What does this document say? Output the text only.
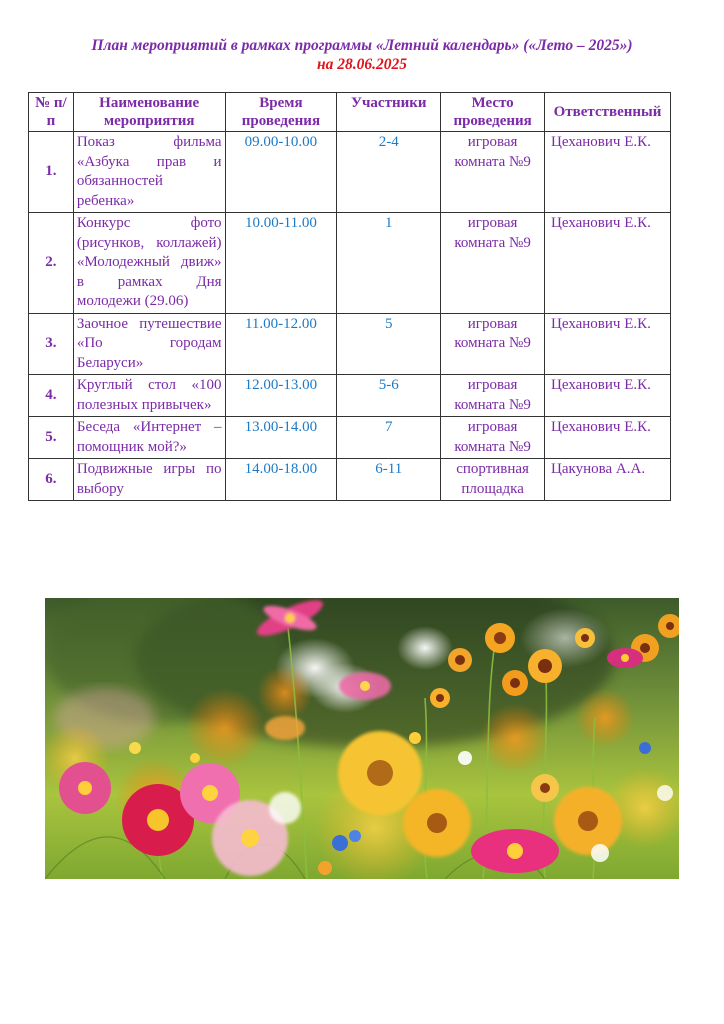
План мероприятий в рамках программы «Летний календарь» («Лето – 2025»)
на 28.06.2025
№ п/п	Наименование мероприятия	Время проведения	Участники	Место проведения	Ответственный
1.	Показ фильма «Азбука прав и обязанностей ребенка»	09.00-10.00	2-4	игровая комната №9	Цеханович Е.К.
2.	Конкурс фото (рисунков, коллажей) «Молодежный движ» в рамках Дня молодежи (29.06)	10.00-11.00	1	игровая комната №9	Цеханович Е.К.
3.	Заочное путешествие «По городам Беларуси»	11.00-12.00	5	игровая комната №9	Цеханович Е.К.
4.	Круглый стол «100 полезных привычек»	12.00-13.00	5-6	игровая комната №9	Цеханович Е.К.
5.	Беседа «Интернет – помощник мой?»	13.00-14.00	7	игровая комната №9	Цеханович Е.К.
6.	Подвижные игры по выбору	14.00-18.00	6-11	спортивная площадка	Цакунова А.А.
